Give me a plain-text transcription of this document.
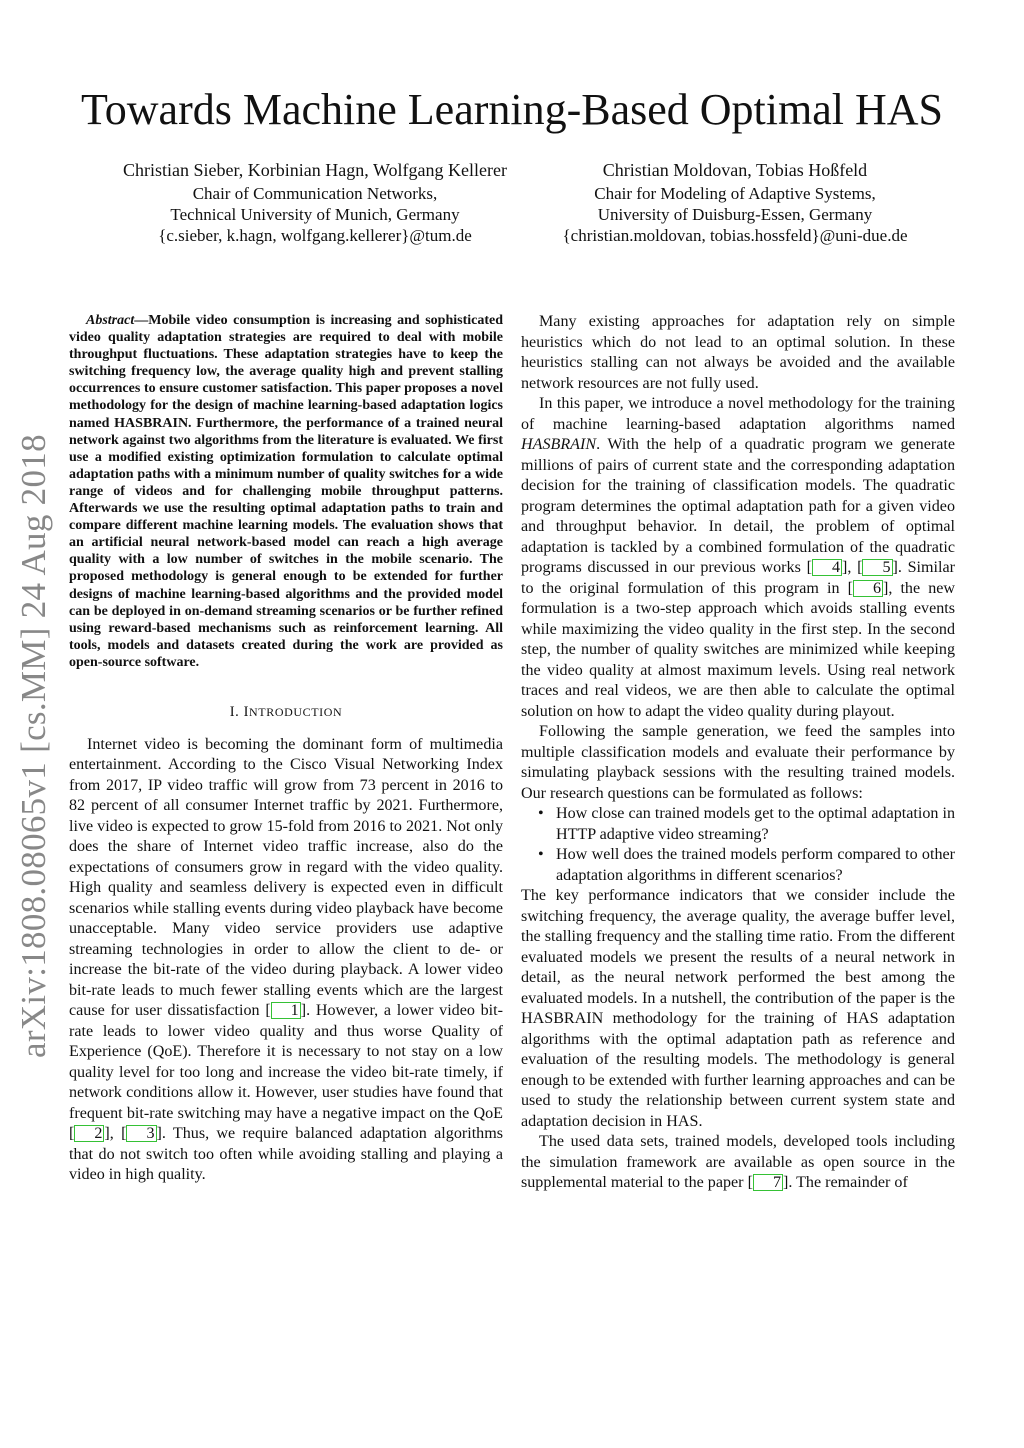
Towards Machine Learning-Based Optimal HAS
Christian Sieber, Korbinian Hagn, Wolfgang Kellerer
Chair of Communication Networks,
Technical University of Munich, Germany
{c.sieber, k.hagn, wolfgang.kellerer}@tum.de
Christian Moldovan, Tobias Hoßfeld
Chair for Modeling of Adaptive Systems,
University of Duisburg-Essen, Germany
{christian.moldovan, tobias.hossfeld}@uni-due.de
arXiv:1808.08065v1 [cs.MM] 24 Aug 2018

Abstract—Mobile video consumption is increasing and sophisticated video quality adaptation strategies are required to deal with mobile throughput fluctuations. These adaptation strategies have to keep the switching frequency low, the average quality high and prevent stalling occurrences to ensure customer satisfaction. This paper proposes a novel methodology for the design of machine learning-based adaptation logics named HASBRAIN. Furthermore, the performance of a trained neural network against two algorithms from the literature is evaluated. We first use a modified existing optimization formulation to calculate optimal adaptation paths with a minimum number of quality switches for a wide range of videos and for challenging mobile throughput patterns. Afterwards we use the resulting optimal adaptation paths to train and compare different machine learning models. The evaluation shows that an artificial neural network-based model can reach a high average quality with a low number of switches in the mobile scenario. The proposed methodology is general enough to be extended for further designs of machine learning-based algorithms and the provided model can be deployed in on-demand streaming scenarios or be further refined using reward-based mechanisms such as reinforcement learning. All tools, models and datasets created during the work are provided as open-source software.

I. INTRODUCTION

Internet video is becoming the dominant form of multimedia entertainment. According to the Cisco Visual Networking Index from 2017, IP video traffic will grow from 73 percent in 2016 to 82 percent of all consumer Internet traffic by 2021. Furthermore, live video is expected to grow 15-fold from 2016 to 2021. Not only does the share of Internet video traffic increase, also do the expectations of consumers grow in regard with the video quality. High quality and seamless delivery is expected even in difficult scenarios while stalling events during video playback have become unacceptable. Many video service providers use adaptive streaming technologies in order to allow the client to de- or increase the bit-rate of the video during playback. A lower video bit-rate leads to much fewer stalling events which are the largest cause for user dissatisfaction [ 1 ]. However, a lower video bit-rate leads to lower video quality and thus worse Quality of Experience (QoE). Therefore it is necessary to not stay on a low quality level for too long and increase the video bit-rate timely, if network conditions allow it. However, user studies have found that frequent bit-rate switching may have a negative impact on the QoE [ 2 ], [ 3 ]. Thus, we require balanced adaptation algorithms that do not switch too often while avoiding stalling and playing a video in high quality.

Many existing approaches for adaptation rely on simple heuristics which do not lead to an optimal solution. In these heuristics stalling can not always be avoided and the available network resources are not fully used.

In this paper, we introduce a novel methodology for the training of machine learning-based adaptation algorithms named HASBRAIN. With the help of a quadratic program we generate millions of pairs of current state and the corresponding adaptation decision for the training of classification models. The quadratic program determines the optimal adaptation path for a given video and throughput behavior. In detail, the problem of optimal adaptation is tackled by a combined formulation of the quadratic programs discussed in our previous works [ 4 ], [ 5 ]. Similar to the original formulation of this program in [ 6 ], the new formulation is a two-step approach which avoids stalling events while maximizing the video quality in the first step. In the second step, the number of quality switches are minimized while keeping the video quality at almost maximum levels. Using real network traces and real videos, we are then able to calculate the optimal solution on how to adapt the video quality during playout.

Following the sample generation, we feed the samples into multiple classification models and evaluate their performance by simulating playback sessions with the resulting trained models. Our research questions can be formulated as follows:

• How close can trained models get to the optimal adaptation in HTTP adaptive video streaming?
• How well does the trained models perform compared to other adaptation algorithms in different scenarios?

The key performance indicators that we consider include the switching frequency, the average quality, the average buffer level, the stalling frequency and the stalling time ratio. From the different evaluated models we present the results of a neural network in detail, as the neural network performed the best among the evaluated models. In a nutshell, the contribution of the paper is the HASBRAIN methodology for the training of HAS adaptation algorithms with the optimal adaptation path as reference and evaluation of the resulting models. The methodology is general enough to be extended with further learning approaches and can be used to study the relationship between current system state and adaptation decision in HAS.

The used data sets, trained models, developed tools including the simulation framework are available as open source in the supplemental material to the paper [ 7 ]. The remainder of
